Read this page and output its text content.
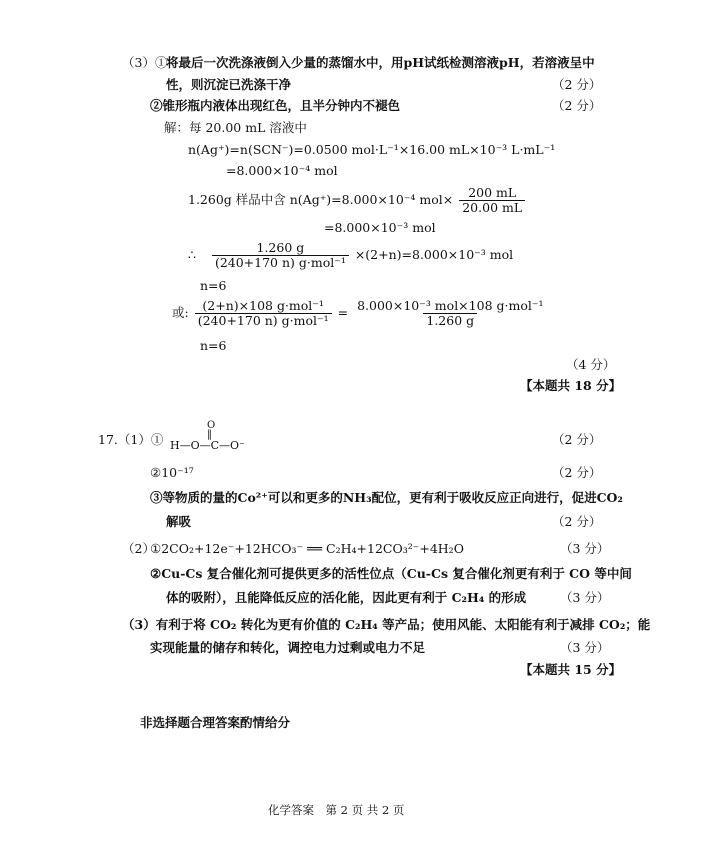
（3）①
将最后一次洗涤液倒入少量的蒸馏水中，用pH试纸检测溶液pH，若溶液呈中
性，则沉淀已洗涤干净	（2 分）
②锥形瓶内液体出现红色，且半分钟内不褪色	（2 分）
解：每 20.00 mL 溶液中
n(Ag⁺)=n(SCN⁻)=0.0500 mol·L⁻¹×16.00 mL×10⁻³ L·mL⁻¹
=8.000×10⁻⁴ mol
1.260g 样品中含 n(Ag⁺)=8.000×10⁻⁴ $mol\times \frac{200 mL}{20.00 mL}$
=8.000×10⁻³ mol
∴ $\frac{1.260 g}{\text{(240+170 n) g·mol⁻¹}} \times(2+n)=8.000\times 10^{-3}$ mol
n=6
或: $\frac{\text{(2+n)×108 g·mol⁻¹}}{\text{(240+170 n) g·mol⁻¹}} = \frac{\text{8.000×10⁻³ mol×108 g·mol⁻¹}}{1.260 g}$
n=6
（4 分）
【本题共 18 分】
17.（1）①
O
‖
H—O—C—O⁻	（2 分）
②10⁻¹⁷	（2 分）
③等物质的量的Co²⁺可以和更多的NH₃配位，更有利于吸收反应正向进行，促进CO₂
解吸	（2 分）
（2）
①2CO₂+12e⁻+12HCO₃⁻ ══ C₂H₄+12CO₃²⁻+4H₂O	（3 分）
②Cu-Cs 复合催化剂可提供更多的活性位点（Cu-Cs 复合催化剂更有利于 CO 等中间
体的吸附），且能降低反应的活化能，因此更有利于 C₂H₄ 的形成	（3 分）
（3）有利于将 CO₂ 转化为更有价值的 C₂H₄ 等产品；使用风能、太阳能有利于减排 CO₂；能
实现能量的储存和转化，调控电力过剩或电力不足	（3 分）
【本题共 15 分】
非选择题合理答案酌情给分
化学答案　第 2 页 共 2 页
